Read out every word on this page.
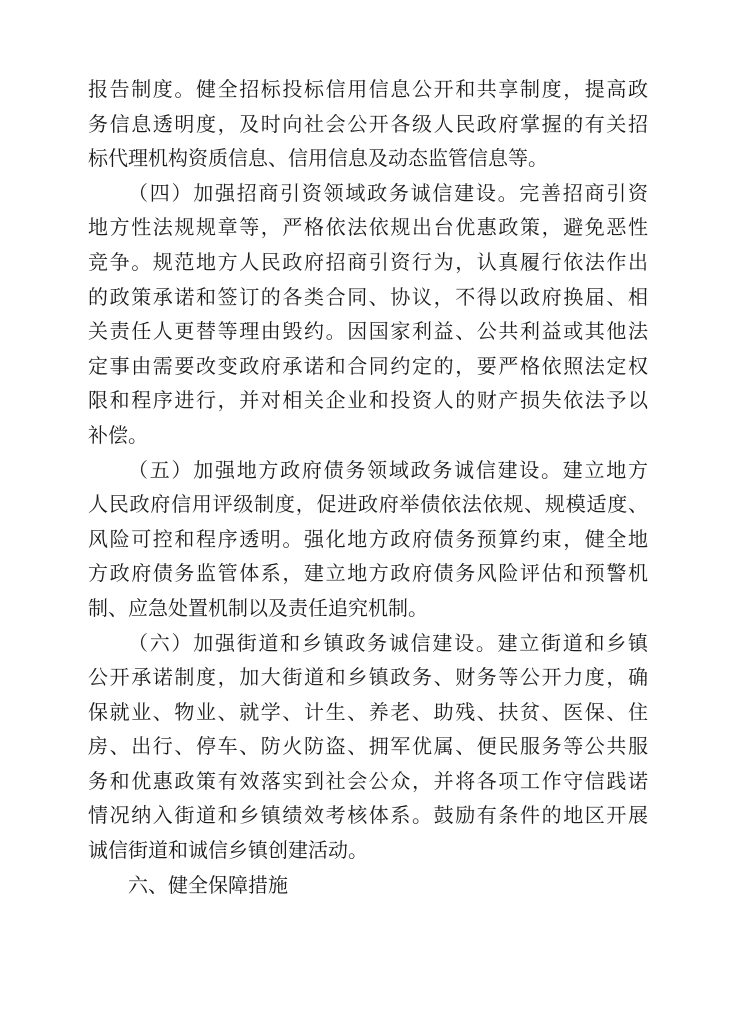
报告制度。健全招标投标信用信息公开和共享制度，提高政
务信息透明度，及时向社会公开各级人民政府掌握的有关招
标代理机构资质信息、信用信息及动态监管信息等。
（四）加强招商引资领域政务诚信建设。完善招商引资
地方性法规规章等，严格依法依规出台优惠政策，避免恶性
竞争。规范地方人民政府招商引资行为，认真履行依法作出
的政策承诺和签订的各类合同、协议，不得以政府换届、相
关责任人更替等理由毁约。因国家利益、公共利益或其他法
定事由需要改变政府承诺和合同约定的，要严格依照法定权
限和程序进行，并对相关企业和投资人的财产损失依法予以
补偿。
（五）加强地方政府债务领域政务诚信建设。建立地方
人民政府信用评级制度，促进政府举债依法依规、规模适度、
风险可控和程序透明。强化地方政府债务预算约束，健全地
方政府债务监管体系，建立地方政府债务风险评估和预警机
制、应急处置机制以及责任追究机制。
（六）加强街道和乡镇政务诚信建设。建立街道和乡镇
公开承诺制度，加大街道和乡镇政务、财务等公开力度，确
保就业、物业、就学、计生、养老、助残、扶贫、医保、住
房、出行、停车、防火防盗、拥军优属、便民服务等公共服
务和优惠政策有效落实到社会公众，并将各项工作守信践诺
情况纳入街道和乡镇绩效考核体系。鼓励有条件的地区开展
诚信街道和诚信乡镇创建活动。
六、健全保障措施
